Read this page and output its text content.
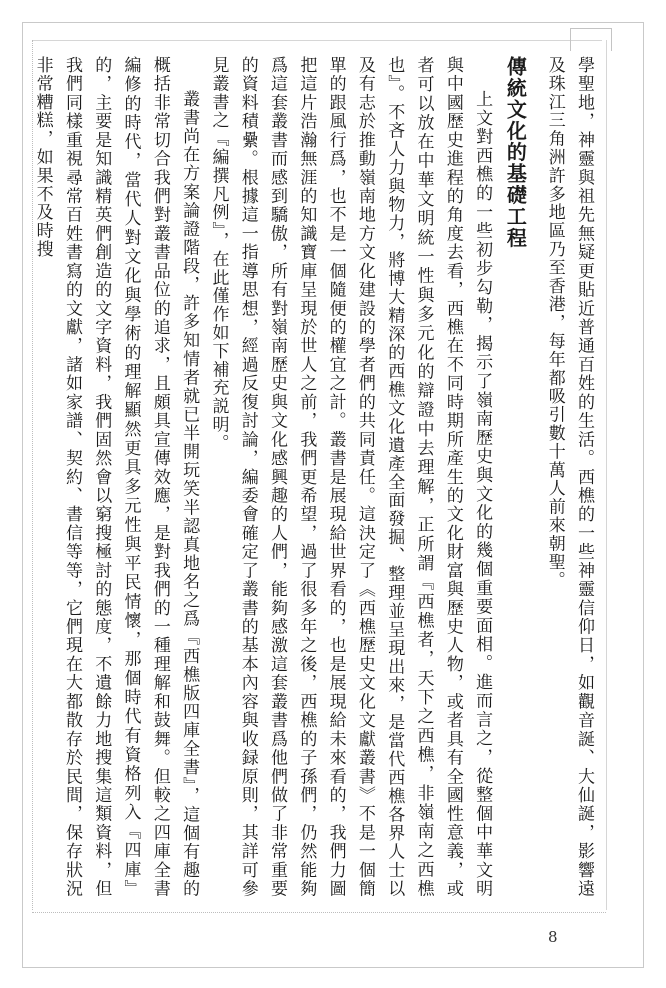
學聖地，神靈與祖先無疑更貼近普通百姓的生活。西樵的一些神靈信仰日，如觀音誕、大仙誕，影響遠及珠江三角洲許多地區乃至香港，每年都吸引數十萬人前來朝聖。

傳統文化的基礎工程

上文對西樵的一些初步勾勒，揭示了嶺南歷史與文化的幾個重要面相。進而言之，從整個中華文明與中國歷史進程的角度去看，西樵在不同時期所產生的文化財富與歷史人物，或者具有全國性意義，或者可以放在中華文明統一性與多元化的辯證中去理解，正所謂『西樵者，天下之西樵，非嶺南之西樵也』。不吝人力與物力，將博大精深的西樵文化遺產全面發掘、整理並呈現出來，是當代西樵各界人士以及有志於推動嶺南地方文化建設的學者們的共同責任。這決定了《西樵歷史文化文獻叢書》不是一個簡單的跟風行爲，也不是一個隨便的權宜之計。叢書是展現給世界看的，也是展現給未來看的，我們力圖把這片浩瀚無涯的知識寶庫呈現於世人之前，我們更希望，過了很多年之後，西樵的子孫們，仍然能夠爲這套叢書而感到驕傲，所有對嶺南歷史與文化感興趣的人們，能夠感激這套叢書爲他們做了非常重要的資料積纍。根據這一指導思想，經過反復討論，編委會確定了叢書的基本內容與收録原則，其詳可參見叢書之『編撰凡例』，在此僅作如下補充説明。

叢書尚在方案論證階段，許多知情者就已半開玩笑半認真地名之爲『西樵版四庫全書』，這個有趣的概括非常切合我們對叢書品位的追求，且頗具宣傳效應，是對我們的一種理解和鼓舞。但較之四庫全書編修的時代，當代人對文化與學術的理解顯然更具多元性與平民情懷，那個時代有資格列入『四庫』的，主要是知識精英們創造的文字資料，我們固然會以窮搜極討的態度，不遺餘力地搜集這類資料，但我們同樣重視尋常百姓書寫的文獻，諸如家譜、契約、書信等等，它們現在大都散存於民間，保存狀況非常糟糕，如果不及時搜

8
